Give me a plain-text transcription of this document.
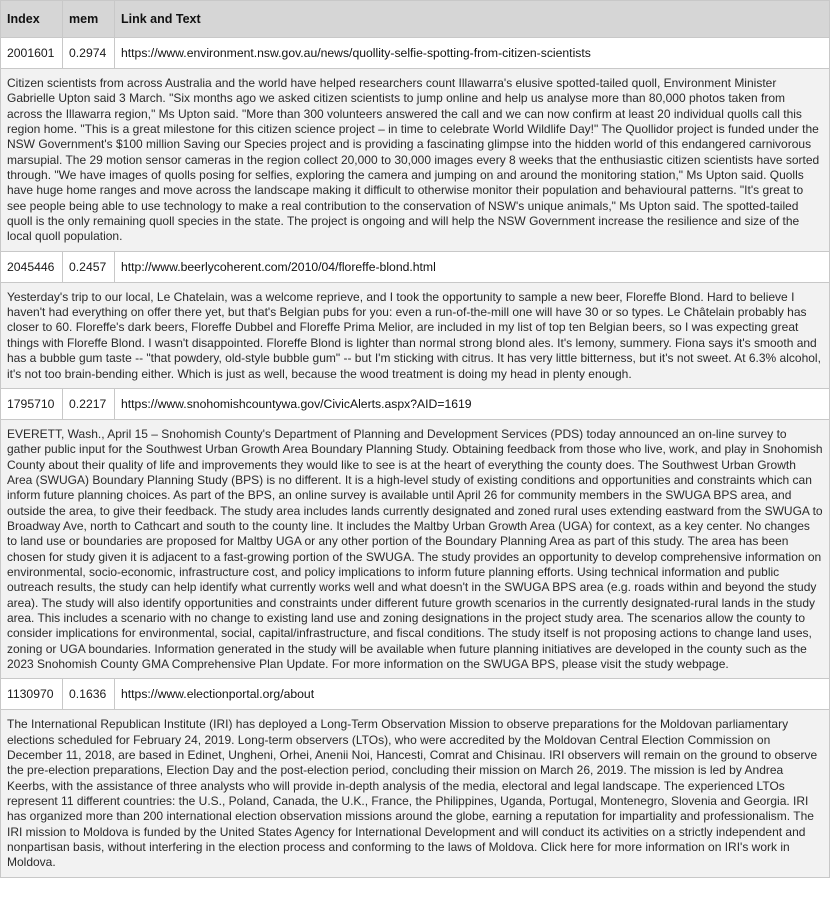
Index	mem	Link and Text
2001601	0.2974	https://www.environment.nsw.gov.au/news/quollity-selfie-spotting-from-citizen-scientists
Citizen scientists from across Australia and the world have helped researchers count Illawarra's elusive spotted-tailed quoll, Environment Minister Gabrielle Upton said 3 March. "Six months ago we asked citizen scientists to jump online and help us analyse more than 80,000 photos taken from across the Illawarra region," Ms Upton said. "More than 300 volunteers answered the call and we can now confirm at least 20 individual quolls call this region home. "This is a great milestone for this citizen science project – in time to celebrate World Wildlife Day!" The Quollidor project is funded under the NSW Government's $100 million Saving our Species project and is providing a fascinating glimpse into the hidden world of this endangered carnivorous marsupial. The 29 motion sensor cameras in the region collect 20,000 to 30,000 images every 8 weeks that the enthusiastic citizen scientists have sorted through. "We have images of quolls posing for selfies, exploring the camera and jumping on and around the monitoring station," Ms Upton said. Quolls have huge home ranges and move across the landscape making it difficult to otherwise monitor their population and behavioural patterns. "It's great to see people being able to use technology to make a real contribution to the conservation of NSW's unique animals," Ms Upton said. The spotted-tailed quoll is the only remaining quoll species in the state. The project is ongoing and will help the NSW Government increase the resilience and size of the local quoll population.		
2045446	0.2457	http://www.beerlycoherent.com/2010/04/floreffe-blond.html
Yesterday's trip to our local, Le Chatelain, was a welcome reprieve, and I took the opportunity to sample a new beer, Floreffe Blond. Hard to believe I haven't had everything on offer there yet, but that's Belgian pubs for you: even a run-of-the-mill one will have 30 or so types. Le Châtelain probably has closer to 60. Floreffe's dark beers, Floreffe Dubbel and Floreffe Prima Melior, are included in my list of top ten Belgian beers, so I was expecting great things with Floreffe Blond. I wasn't disappointed. Floreffe Blond is lighter than normal strong blond ales. It's lemony, summery. Fiona says it's smooth and has a bubble gum taste -- "that powdery, old-style bubble gum" -- but I'm sticking with citrus. It has very little bitterness, but it's not sweet. At 6.3% alcohol, it's not too brain-bending either. Which is just as well, because the wood treatment is doing my head in plenty enough.		
1795710	0.2217	https://www.snohomishcountywa.gov/CivicAlerts.aspx?AID=1619
EVERETT, Wash., April 15 – Snohomish County's Department of Planning and Development Services (PDS) today announced an on-line survey to gather public input for the Southwest Urban Growth Area Boundary Planning Study. Obtaining feedback from those who live, work, and play in Snohomish County about their quality of life and improvements they would like to see is at the heart of everything the county does. The Southwest Urban Growth Area (SWUGA) Boundary Planning Study (BPS) is no different. It is a high-level study of existing conditions and opportunities and constraints which can inform future planning choices. As part of the BPS, an online survey is available until April 26 for community members in the SWUGA BPS area, and outside the area, to give their feedback. The study area includes lands currently designated and zoned rural uses extending eastward from the SWUGA to Broadway Ave, north to Cathcart and south to the county line. It includes the Maltby Urban Growth Area (UGA) for context, as a key center. No changes to land use or boundaries are proposed for Maltby UGA or any other portion of the Boundary Planning Area as part of this study. The area has been chosen for study given it is adjacent to a fast-growing portion of the SWUGA. The study provides an opportunity to develop comprehensive information on environmental, socio-economic, infrastructure cost, and policy implications to inform future planning efforts. Using technical information and public outreach results, the study can help identify what currently works well and what doesn't in the SWUGA BPS area (e.g. roads within and beyond the study area). The study will also identify opportunities and constraints under different future growth scenarios in the currently designated-rural lands in the study area. This includes a scenario with no change to existing land use and zoning designations in the project study area. The scenarios allow the county to consider implications for environmental, social, capital/infrastructure, and fiscal conditions. The study itself is not proposing actions to change land uses, zoning or UGA boundaries. Information generated in the study will be available when future planning initiatives are developed in the county such as the 2023 Snohomish County GMA Comprehensive Plan Update. For more information on the SWUGA BPS, please visit the study webpage.		
1130970	0.1636	https://www.electionportal.org/about
The International Republican Institute (IRI) has deployed a Long-Term Observation Mission to observe preparations for the Moldovan parliamentary elections scheduled for February 24, 2019. Long-term observers (LTOs), who were accredited by the Moldovan Central Election Commission on December 11, 2018, are based in Edinet, Ungheni, Orhei, Anenii Noi, Hancesti, Comrat and Chisinau. IRI observers will remain on the ground to observe the pre-election preparations, Election Day and the post-election period, concluding their mission on March 26, 2019. The mission is led by Andrea Keerbs, with the assistance of three analysts who will provide in-depth analysis of the media, electoral and legal landscape. The experienced LTOs represent 11 different countries: the U.S., Poland, Canada, the U.K., France, the Philippines, Uganda, Portugal, Montenegro, Slovenia and Georgia. IRI has organized more than 200 international election observation missions around the globe, earning a reputation for impartiality and professionalism. The IRI mission to Moldova is funded by the United States Agency for International Development and will conduct its activities on a strictly independent and nonpartisan basis, without interfering in the election process and conforming to the laws of Moldova. Click here for more information on IRI's work in Moldova.		
